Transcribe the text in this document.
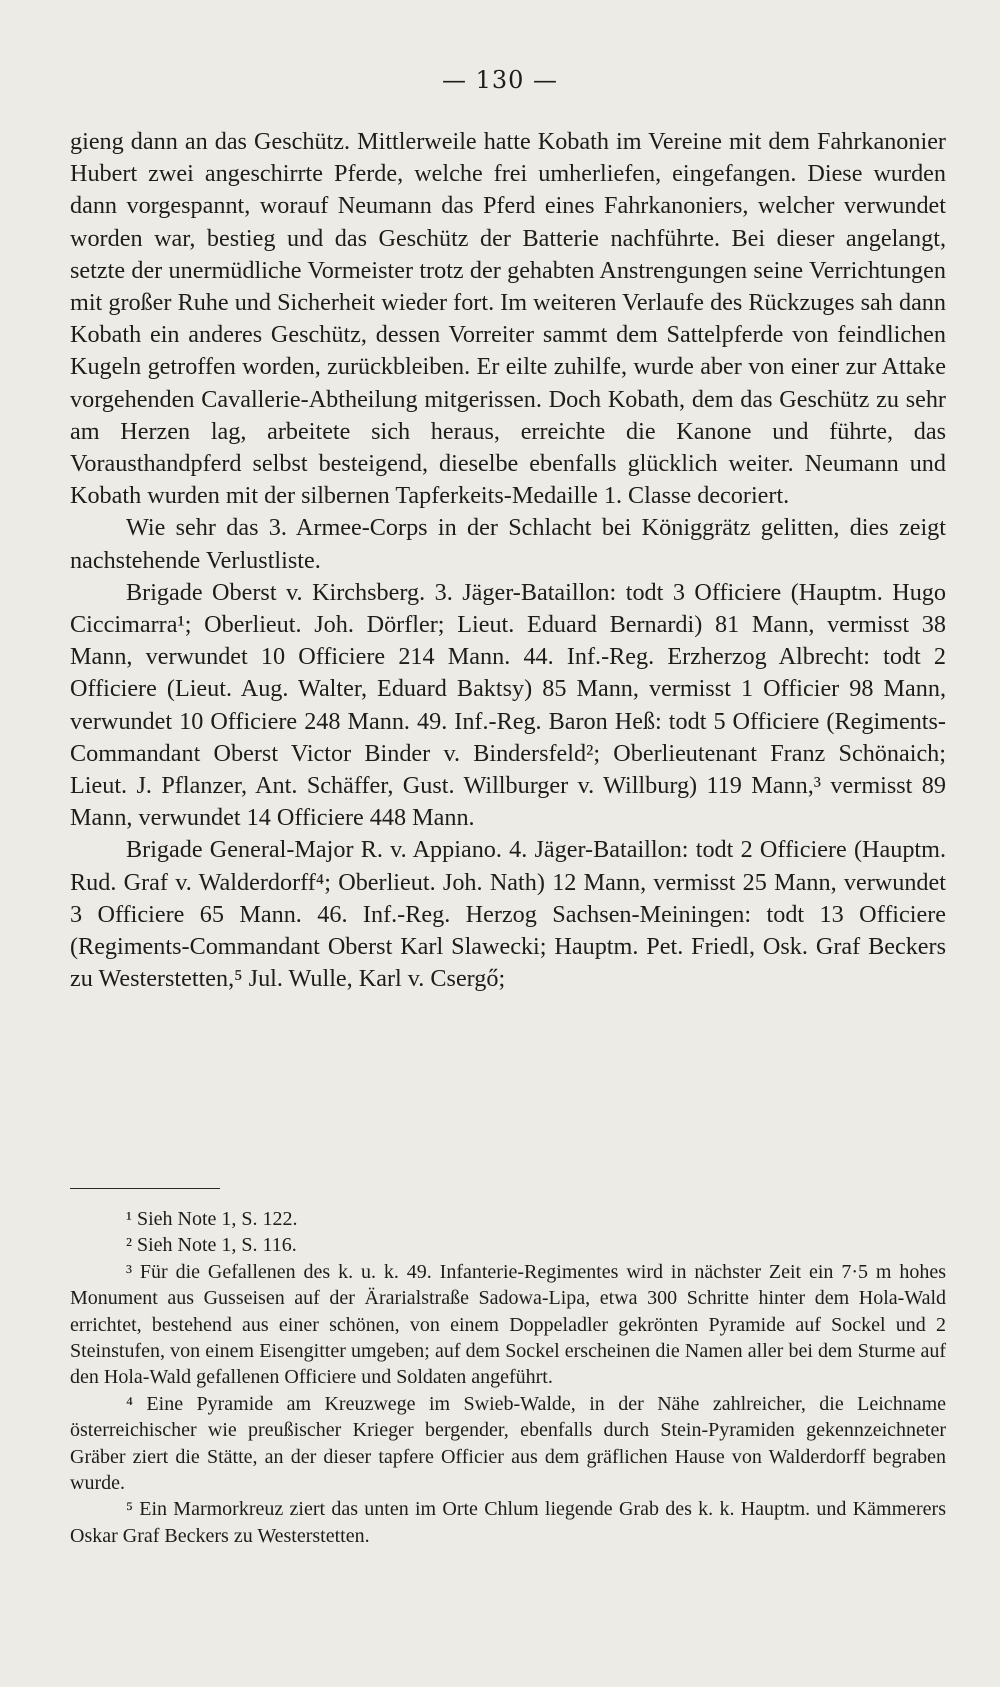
— 130 —

gieng dann an das Geschütz. Mittlerweile hatte Kobath im Vereine mit dem Fahrkanonier Hubert zwei angeschirrte Pferde, welche frei umherliefen, eingefangen. Diese wurden dann vorgespannt, worauf Neumann das Pferd eines Fahrkanoniers, welcher verwundet worden war, bestieg und das Geschütz der Batterie nachführte. Bei dieser angelangt, setzte der unermüdliche Vormeister trotz der gehabten Anstrengungen seine Verrichtungen mit großer Ruhe und Sicherheit wieder fort. Im weiteren Verlaufe des Rückzuges sah dann Kobath ein anderes Geschütz, dessen Vorreiter sammt dem Sattelpferde von feindlichen Kugeln getroffen worden, zurückbleiben. Er eilte zuhilfe, wurde aber von einer zur Attake vorgehenden Cavallerie-Abtheilung mitgerissen. Doch Kobath, dem das Geschütz zu sehr am Herzen lag, arbeitete sich heraus, erreichte die Kanone und führte, das Vorausthandpferd selbst besteigend, dieselbe ebenfalls glücklich weiter. Neumann und Kobath wurden mit der silbernen Tapferkeits-Medaille 1. Classe decoriert.

Wie sehr das 3. Armee-Corps in der Schlacht bei Königgrätz gelitten, dies zeigt nachstehende Verlustliste.

Brigade Oberst v. Kirchsberg. 3. Jäger-Bataillon: todt 3 Officiere (Hauptm. Hugo Ciccimarra¹; Oberlieut. Joh. Dörfler; Lieut. Eduard Bernardi) 81 Mann, vermisst 38 Mann, verwundet 10 Officiere 214 Mann. 44. Inf.-Reg. Erzherzog Albrecht: todt 2 Officiere (Lieut. Aug. Walter, Eduard Baktsy) 85 Mann, vermisst 1 Officier 98 Mann, verwundet 10 Officiere 248 Mann. 49. Inf.-Reg. Baron Heß: todt 5 Officiere (Regiments-Commandant Oberst Victor Binder v. Bindersfeld²; Oberlieutenant Franz Schönaich; Lieut. J. Pflanzer, Ant. Schäffer, Gust. Willburger v. Willburg) 119 Mann,³ vermisst 89 Mann, verwundet 14 Officiere 448 Mann.

Brigade General-Major R. v. Appiano. 4. Jäger-Bataillon: todt 2 Officiere (Hauptm. Rud. Graf v. Walderdorff⁴; Oberlieut. Joh. Nath) 12 Mann, vermisst 25 Mann, verwundet 3 Officiere 65 Mann. 46. Inf.-Reg. Herzog Sachsen-Meiningen: todt 13 Officiere (Regiments-Commandant Oberst Karl Slawecki; Hauptm. Pet. Friedl, Osk. Graf Beckers zu Westerstetten,⁵ Jul. Wulle, Karl v. Csergő;

¹ Sieh Note 1, S. 122.

² Sieh Note 1, S. 116.

³ Für die Gefallenen des k. u. k. 49. Infanterie-Regimentes wird in nächster Zeit ein 7·5 m hohes Monument aus Gusseisen auf der Ärarialstraße Sadowa-Lipa, etwa 300 Schritte hinter dem Hola-Wald errichtet, bestehend aus einer schönen, von einem Doppeladler gekrönten Pyramide auf Sockel und 2 Steinstufen, von einem Eisengitter umgeben; auf dem Sockel erscheinen die Namen aller bei dem Sturme auf den Hola-Wald gefallenen Officiere und Soldaten angeführt.

⁴ Eine Pyramide am Kreuzwege im Swieb-Walde, in der Nähe zahlreicher, die Leichname österreichischer wie preußischer Krieger bergender, ebenfalls durch Stein-Pyramiden gekennzeichneter Gräber ziert die Stätte, an der dieser tapfere Officier aus dem gräflichen Hause von Walderdorff begraben wurde.

⁵ Ein Marmorkreuz ziert das unten im Orte Chlum liegende Grab des k. k. Hauptm. und Kämmerers Oskar Graf Beckers zu Westerstetten.
